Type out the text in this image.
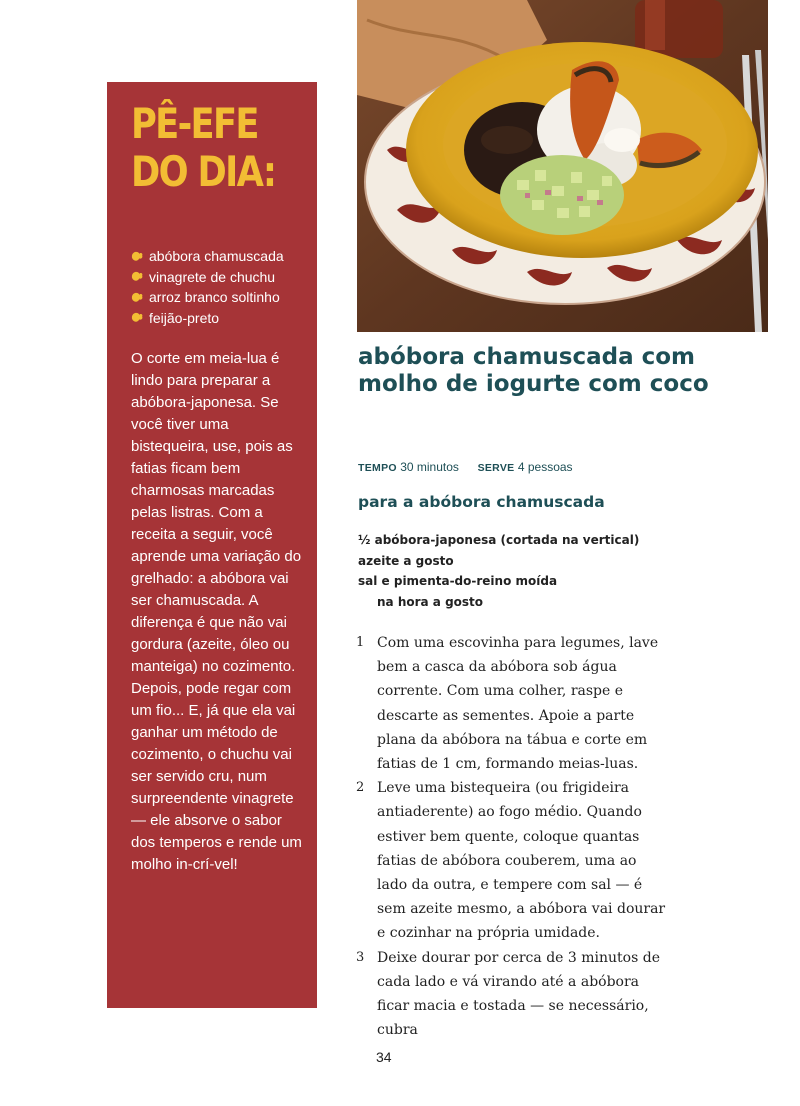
PÊ-EFE
DO DIA:
abóbora chamuscada
vinagrete de chuchu
arroz branco soltinho
feijão-preto

O corte em meia-lua é lindo para preparar a abóbora-japonesa. Se você tiver uma bistequeira, use, pois as fatias ficam bem charmosas marcadas pelas listras. Com a receita a seguir, você aprende uma variação do grelhado: a abóbora vai ser chamuscada. A diferença é que não vai gordura (azeite, óleo ou manteiga) no cozimento. Depois, pode regar com um fio... E, já que ela vai ganhar um método de cozimento, o chuchu vai ser servido cru, num surpreendente vinagrete — ele absorve o sabor dos temperos e rende um molho in-crí-vel!

abóbora chamuscada com molho de iogurte com coco
TEMPO 30 minutos SERVE 4 pessoas
para a abóbora chamuscada
½ abóbora-japonesa (cortada na vertical)
azeite a gosto
sal e pimenta-do-reino moída
na hora a gosto
1 Com uma escovinha para legumes, lave bem a casca da abóbora sob água corrente. Com uma colher, raspe e descarte as sementes. Apoie a parte plana da abóbora na tábua e corte em fatias de 1 cm, formando meias-luas.
2 Leve uma bistequeira (ou frigideira antiaderente) ao fogo médio. Quando estiver bem quente, coloque quantas fatias de abóbora couberem, uma ao lado da outra, e tempere com sal — é sem azeite mesmo, a abóbora vai dourar e cozinhar na própria umidade.
3 Deixe dourar por cerca de 3 minutos de cada lado e vá virando até a abóbora ficar macia e tostada — se necessário, cubra
34
